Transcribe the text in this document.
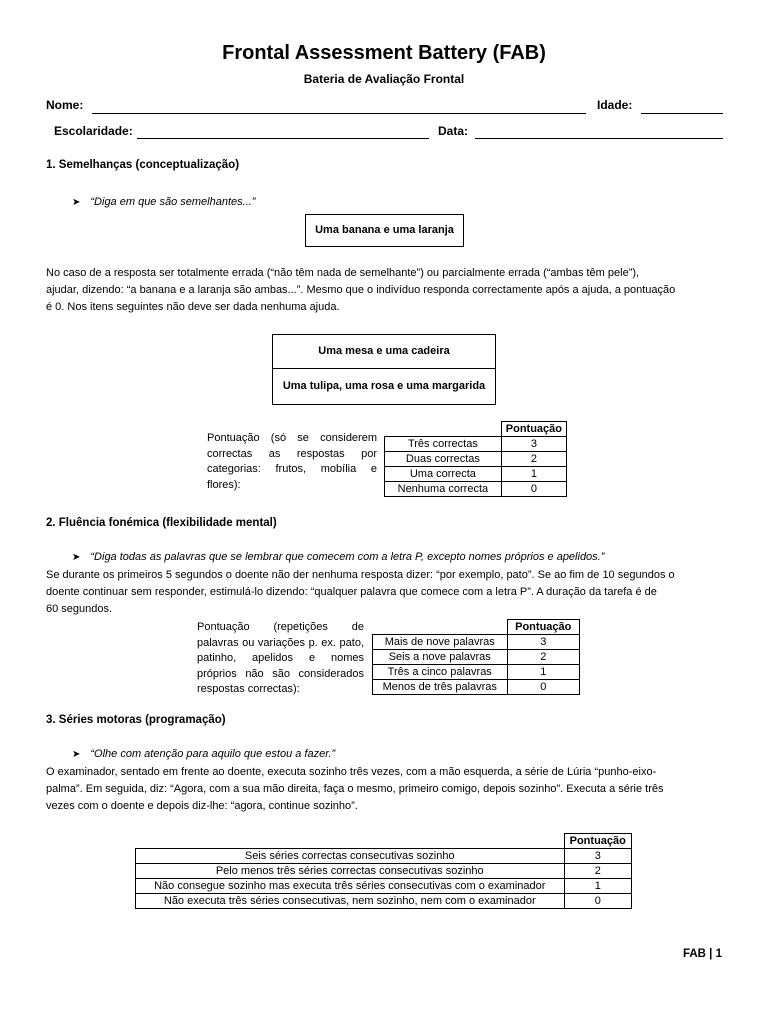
Frontal Assessment Battery (FAB)
Bateria de Avaliação Frontal
Nome:	Idade:
Escolaridade:	Data:
1. Semelhanças (conceptualização)
➤ “Diga em que são semelhantes...”
Uma banana e uma laranja
No caso de a resposta ser totalmente errada (“não têm nada de semelhante”) ou parcialmente errada (“ambas têm pele”),
ajudar, dizendo: “a banana e a laranja são ambas...”. Mesmo que o indivíduo responda correctamente após a ajuda, a pontuação
é 0. Nos itens seguintes não deve ser dada nenhuma ajuda.
Uma mesa e uma cadeira
Uma tulipa, uma rosa e uma margarida
Pontuação (só se considerem correctas as respostas por categorias: frutos, mobília e flores):
	Pontuação
Três correctas	3
Duas correctas	2
Uma correcta	1
Nenhuma correcta	0
2. Fluência fonémica (flexibilidade mental)
➤ “Diga todas as palavras que se lembrar que comecem com a letra P, excepto nomes próprios e apelidos.”
Se durante os primeiros 5 segundos o doente não der nenhuma resposta dizer: “por exemplo, pato”. Se ao fim de 10 segundos o
doente continuar sem responder, estimulá-lo dizendo: “qualquer palavra que comece com a letra P”. A duração da tarefa é de
60 segundos.
Pontuação (repetições de palavras ou variações p. ex. pato, patinho, apelidos e nomes próprios não são considerados respostas correctas):
	Pontuação
Mais de nove palavras	3
Seis a nove palavras	2
Três a cinco palavras	1
Menos de três palavras	0
3. Séries motoras (programação)
➤ “Olhe com atenção para aquilo que estou a fazer.”
O examinador, sentado em frente ao doente, executa sozinho três vezes, com a mão esquerda, a série de Lúria “punho-eixo-
palma”. Em seguida, diz: “Agora, com a sua mão direita, faça o mesmo, primeiro comigo, depois sozinho”. Executa a série três
vezes com o doente e depois diz-lhe: “agora, continue sozinho”.
	Pontuação
Seis séries correctas consecutivas sozinho	3
Pelo menos três séries correctas consecutivas sozinho	2
Não consegue sozinho mas executa três séries consecutivas com o examinador	1
Não executa três séries consecutivas, nem sozinho, nem com o examinador	0
FAB | 1
